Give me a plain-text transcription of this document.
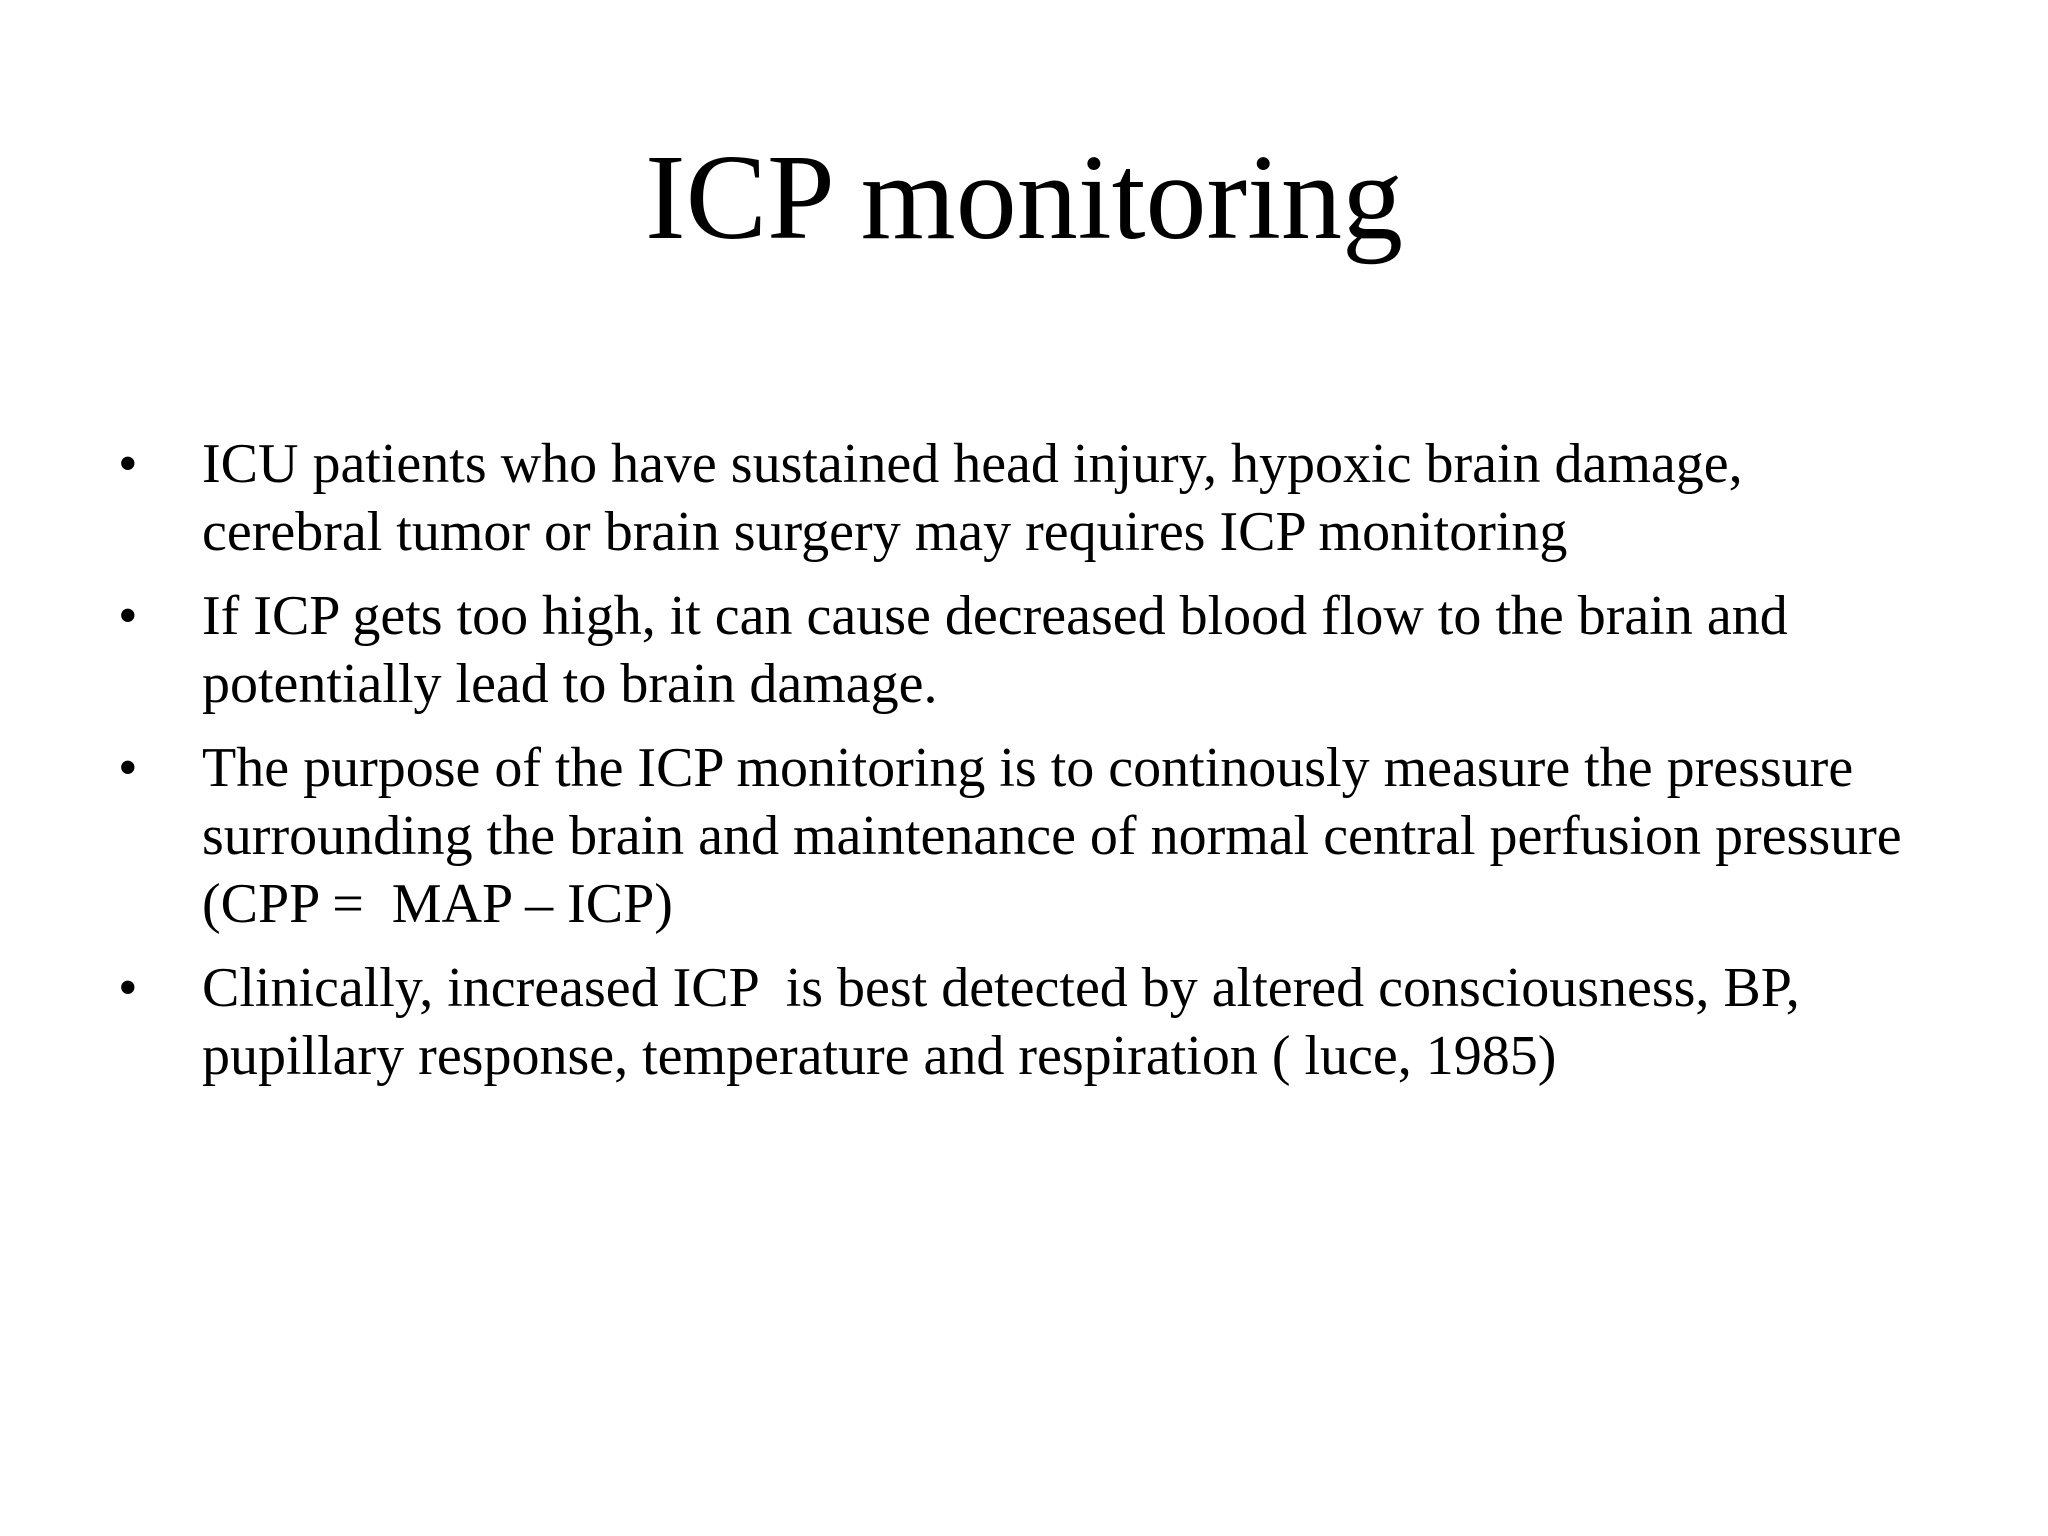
ICP monitoring
•	ICU patients who have sustained head injury, hypoxic brain damage,
cerebral tumor or brain surgery may requires ICP monitoring
•	If ICP gets too high, it can cause decreased blood flow to the brain and
potentially lead to brain damage.
•	The purpose of the ICP monitoring is to continously measure the pressure
surrounding the brain and maintenance of normal central perfusion pressure
(CPP =  MAP – ICP)
•	Clinically, increased ICP  is best detected by altered consciousness, BP,
pupillary response, temperature and respiration ( luce, 1985)
